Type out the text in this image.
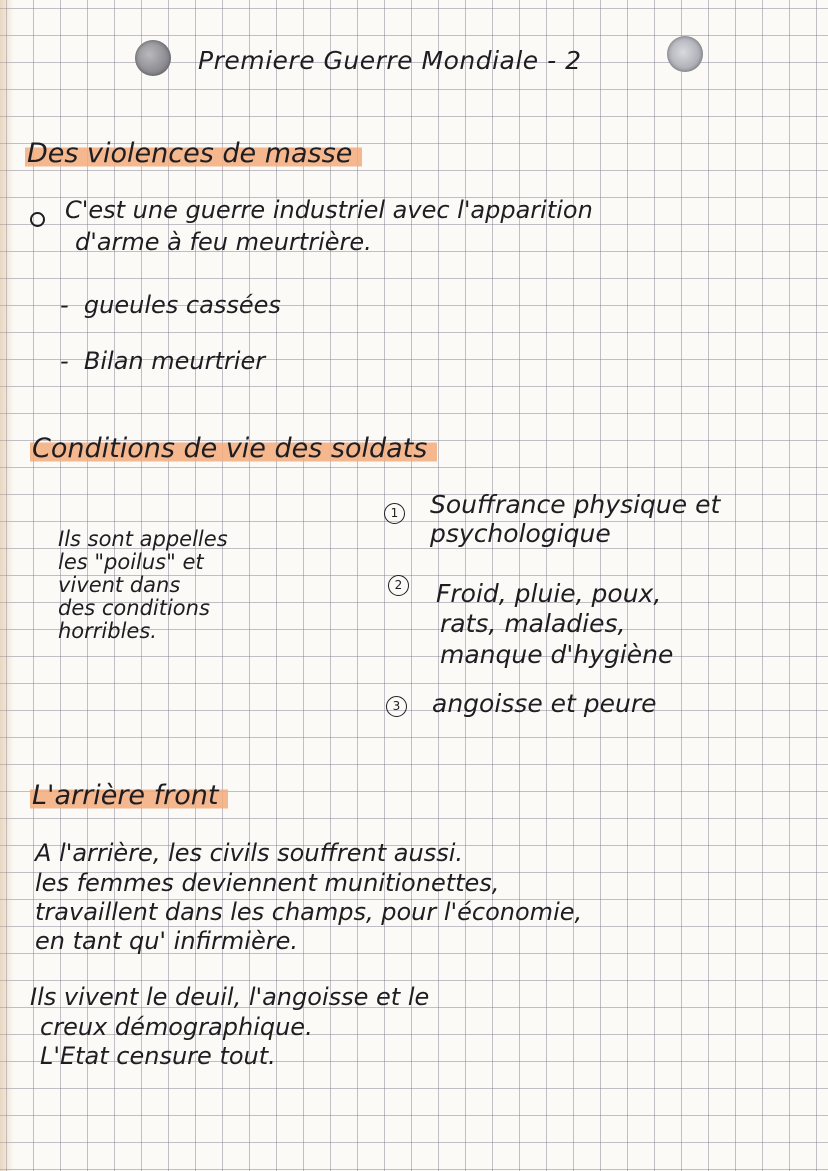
Premiere Guerre Mondiale - 2
Des violences de masse
C'est une guerre industriel avec l'apparition
d'arme à feu meurtrière.
-  gueules cassées
-  Bilan meurtrier
Conditions de vie des soldats
Ils sont appelles
les "poilus" et
vivent dans
des conditions
horribles.
1 Souffrance physique et
psychologique
2 Froid, pluie, poux,
rats, maladies,
manque d'hygiène
3 angoisse et peure
L'arrière front
A l'arrière, les civils souffrent aussi.
les femmes deviennent munitionettes,
travaillent dans les champs, pour l'économie,
en tant qu' infirmière.
Ils vivent le deuil, l'angoisse et le
creux démographique.
L'Etat censure tout.
